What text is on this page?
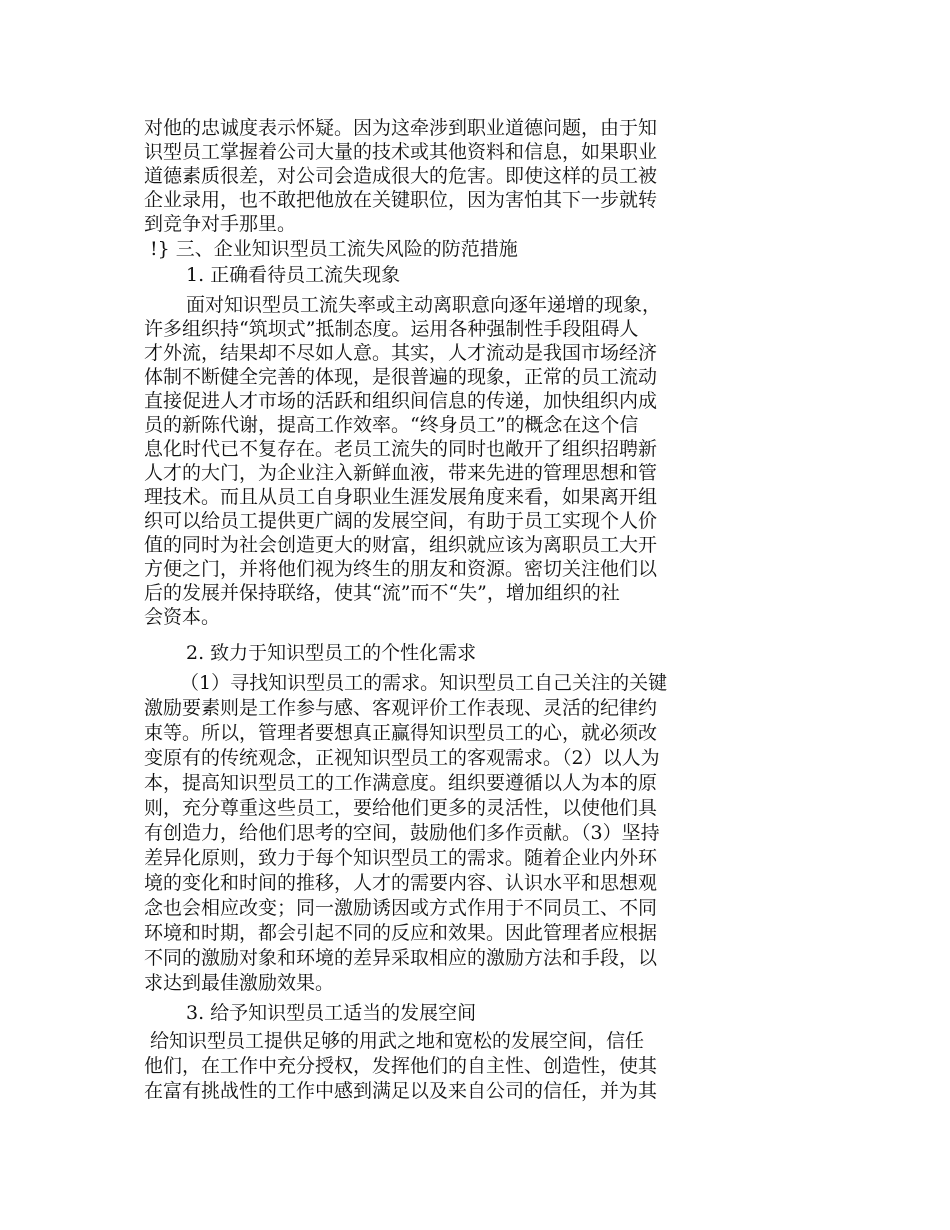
对他的忠诚度表示怀疑。因为这牵涉到职业道德问题，由于知
识型员工掌握着公司大量的技术或其他资料和信息，如果职业
道德素质很差，对公司会造成很大的危害。即使这样的员工被
企业录用，也不敢把他放在关键职位，因为害怕其下一步就转
到竞争对手那里。
!} 三、企业知识型员工流失风险的防范措施
1. 正确看待员工流失现象
面对知识型员工流失率或主动离职意向逐年递增的现象，
许多组织持“筑坝式”抵制态度。运用各种强制性手段阻碍人
才外流，结果却不尽如人意。其实，人才流动是我国市场经济
体制不断健全完善的体现，是很普遍的现象，正常的员工流动
直接促进人才市场的活跃和组织间信息的传递，加快组织内成
员的新陈代谢，提高工作效率。“终身员工”的概念在这个信
息化时代已不复存在。老员工流失的同时也敞开了组织招聘新
人才的大门，为企业注入新鲜血液，带来先进的管理思想和管
理技术。而且从员工自身职业生涯发展角度来看，如果离开组
织可以给员工提供更广阔的发展空间，有助于员工实现个人价
值的同时为社会创造更大的财富，组织就应该为离职员工大开
方便之门，并将他们视为终生的朋友和资源。密切关注他们以
后的发展并保持联络，使其“流”而不“失”，增加组织的社
会资本。
2. 致力于知识型员工的个性化需求
（1）寻找知识型员工的需求。知识型员工自己关注的关键
激励要素则是工作参与感、客观评价工作表现、灵活的纪律约
束等。所以，管理者要想真正赢得知识型员工的心，就必须改
变原有的传统观念，正视知识型员工的客观需求。（2）以人为
本，提高知识型员工的工作满意度。组织要遵循以人为本的原
则，充分尊重这些员工，要给他们更多的灵活性，以使他们具
有创造力，给他们思考的空间，鼓励他们多作贡献。（3）坚持
差异化原则，致力于每个知识型员工的需求。随着企业内外环
境的变化和时间的推移，人才的需要内容、认识水平和思想观
念也会相应改变；同一激励诱因或方式作用于不同员工、不同
环境和时期，都会引起不同的反应和效果。因此管理者应根据
不同的激励对象和环境的差异采取相应的激励方法和手段，以
求达到最佳激励效果。
3. 给予知识型员工适当的发展空间
给知识型员工提供足够的用武之地和宽松的发展空间，信任
他们，在工作中充分授权，发挥他们的自主性、创造性，使其
在富有挑战性的工作中感到满足以及来自公司的信任，并为其
